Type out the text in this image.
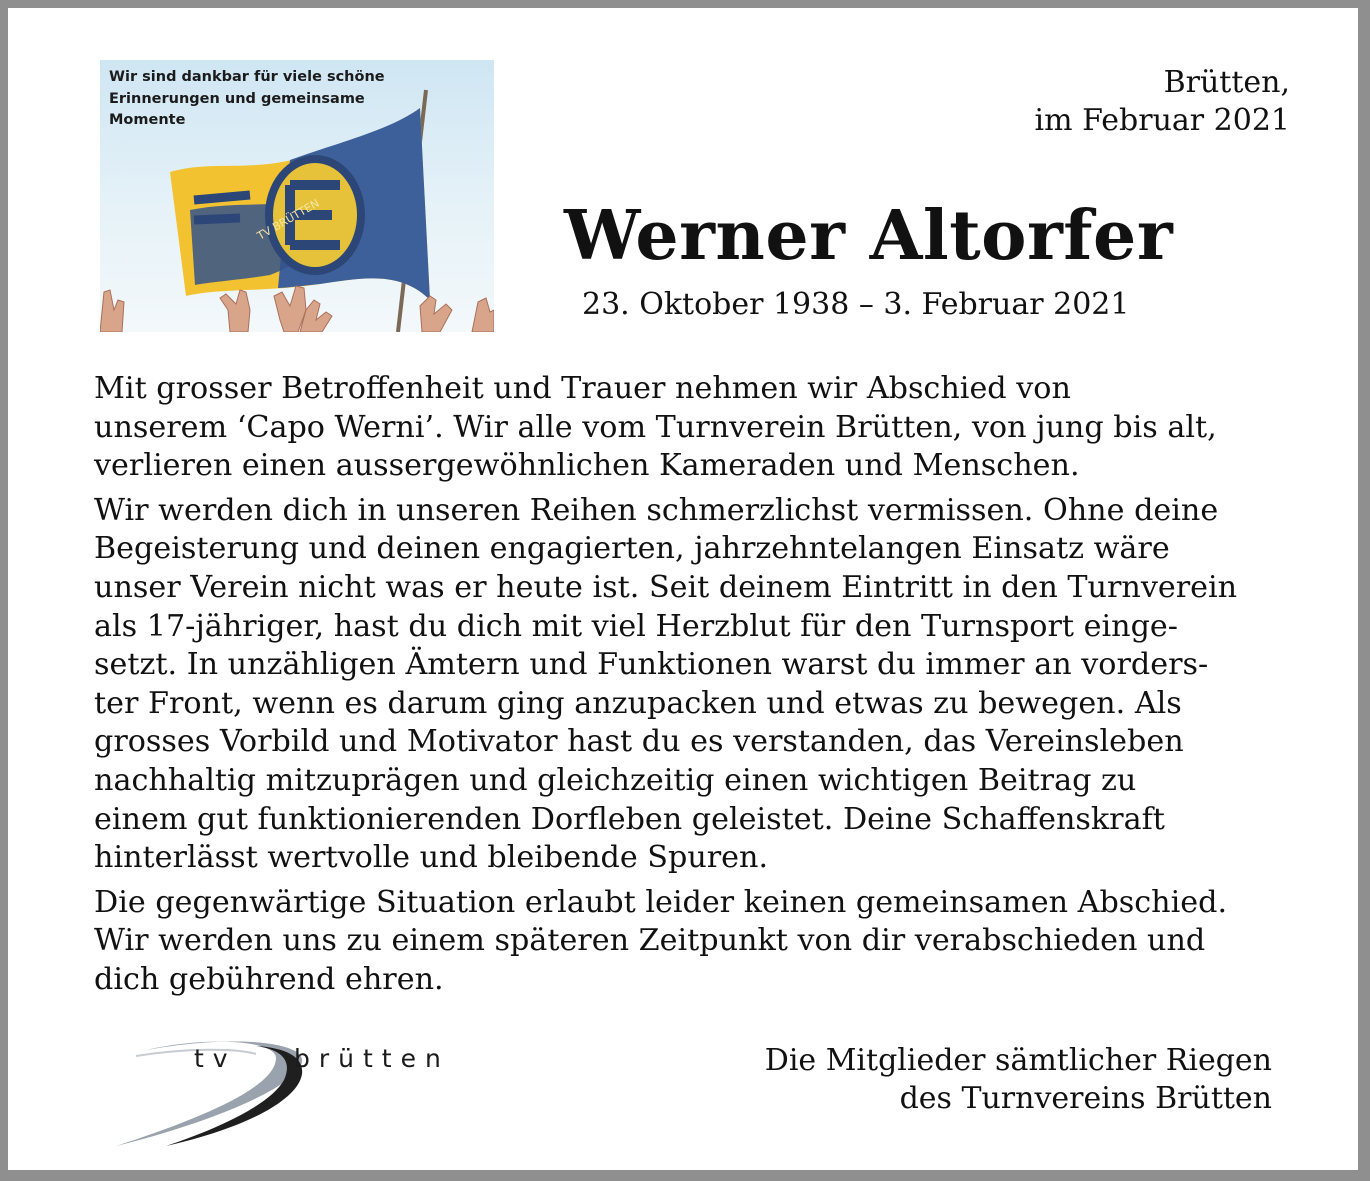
TV BRÜTTEN
Wir sind dankbar für viele schöne
Erinnerungen und gemeinsame
Momente
Brütten,
im Februar 2021
Werner Altorfer
23. Oktober 1938 – 3. Februar 2021

Mit grosser Betroffenheit und Trauer nehmen wir Abschied von
unserem ‘Capo Werni’. Wir alle vom Turnverein Brütten, von jung bis alt,
verlieren einen aussergewöhnlichen Kameraden und Menschen.

Wir werden dich in unseren Reihen schmerzlichst vermissen. Ohne deine
Begeisterung und deinen engagierten, jahrzehntelangen Einsatz wäre
unser Verein nicht was er heute ist. Seit deinem Eintritt in den Turnverein
als 17-jähriger, hast du dich mit viel Herzblut für den Turnsport einge-
setzt. In unzähligen Ämtern und Funktionen warst du immer an vorders-
ter Front, wenn es darum ging anzupacken und etwas zu bewegen. Als
grosses Vorbild und Motivator hast du es verstanden, das Vereinsleben
nachhaltig mitzuprägen und gleichzeitig einen wichtigen Beitrag zu
einem gut funktionierenden Dorfleben geleistet. Deine Schaffenskraft
hinterlässt wertvolle und bleibende Spuren.

Die gegenwärtige Situation erlaubt leider keinen gemeinsamen Abschied.
Wir werden uns zu einem späteren Zeitpunkt von dir verabschieden und
dich gebührend ehren.

tv brütten	Die Mitglieder sämtlicher Riegen
des Turnvereins Brütten
